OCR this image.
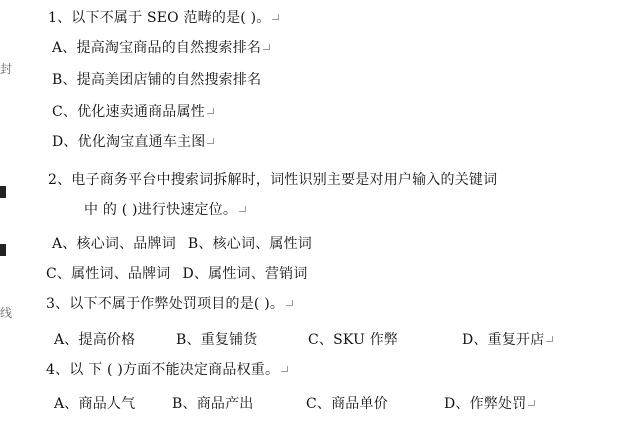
封
线
1、以下不属于 SEO 范畴的是( )。
A、提高淘宝商品的自然搜索排名
B、提高美团店铺的自然搜索排名
C、优化速卖通商品属性
D、优化淘宝直通车主图
2、电子商务平台中搜索词拆解时，词性识别主要是对用户输入的关键词
中 的 ( )进行快速定位。
A、核心词、品牌词 B、核心词、属性词
C、属性词、品牌词 D、属性词、营销词
3、以下不属于作弊处罚项目的是( )。
A、提高价格	B、重复铺货	C、SKU 作弊	D、重复开店
4、以 下 ( )方面不能决定商品权重。
A、商品人气	B、商品产出	C、商品单价	D、作弊处罚
